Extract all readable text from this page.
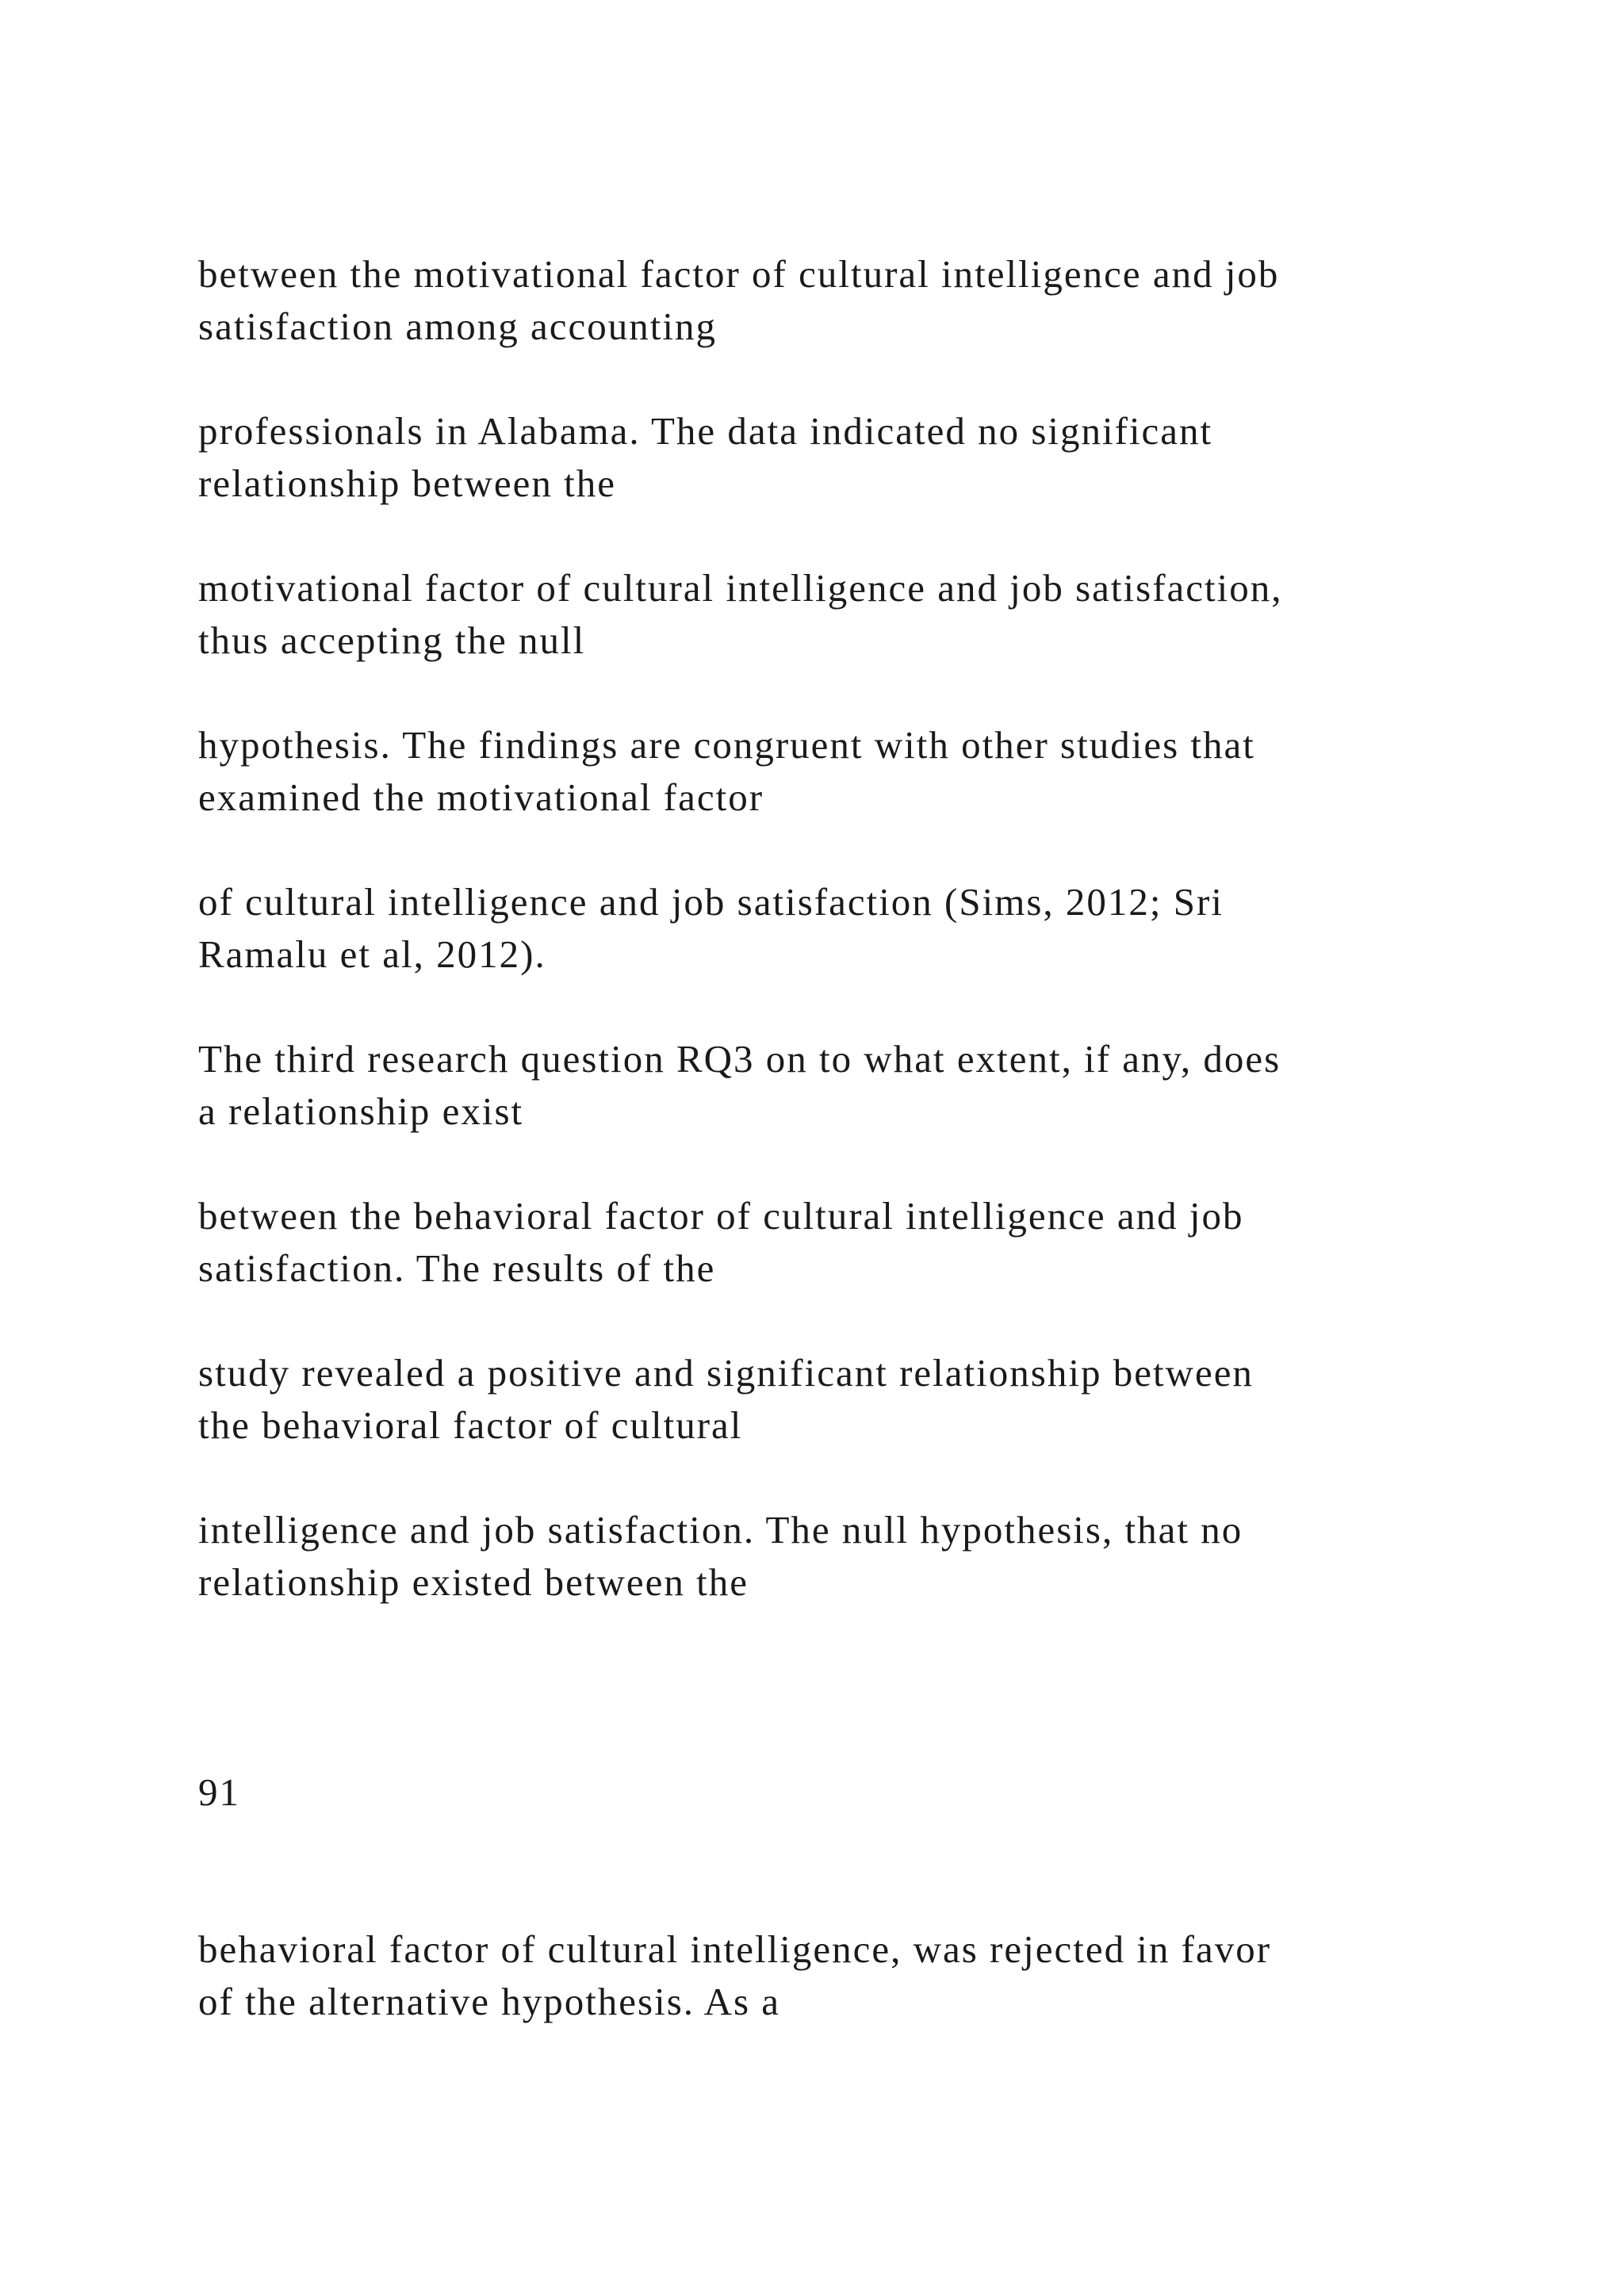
between the motivational factor of cultural intelligence and job
satisfaction among accounting

professionals in Alabama. The data indicated no significant
relationship between the

motivational factor of cultural intelligence and job satisfaction,
thus accepting the null

hypothesis. The findings are congruent with other studies that
examined the motivational factor

of cultural intelligence and job satisfaction (Sims, 2012; Sri
Ramalu et al, 2012).

The third research question RQ3 on to what extent, if any, does
a relationship exist

between the behavioral factor of cultural intelligence and job
satisfaction. The results of the

study revealed a positive and significant relationship between
the behavioral factor of cultural

intelligence and job satisfaction. The null hypothesis, that no
relationship existed between the

91

behavioral factor of cultural intelligence, was rejected in favor
of the alternative hypothesis. As a
